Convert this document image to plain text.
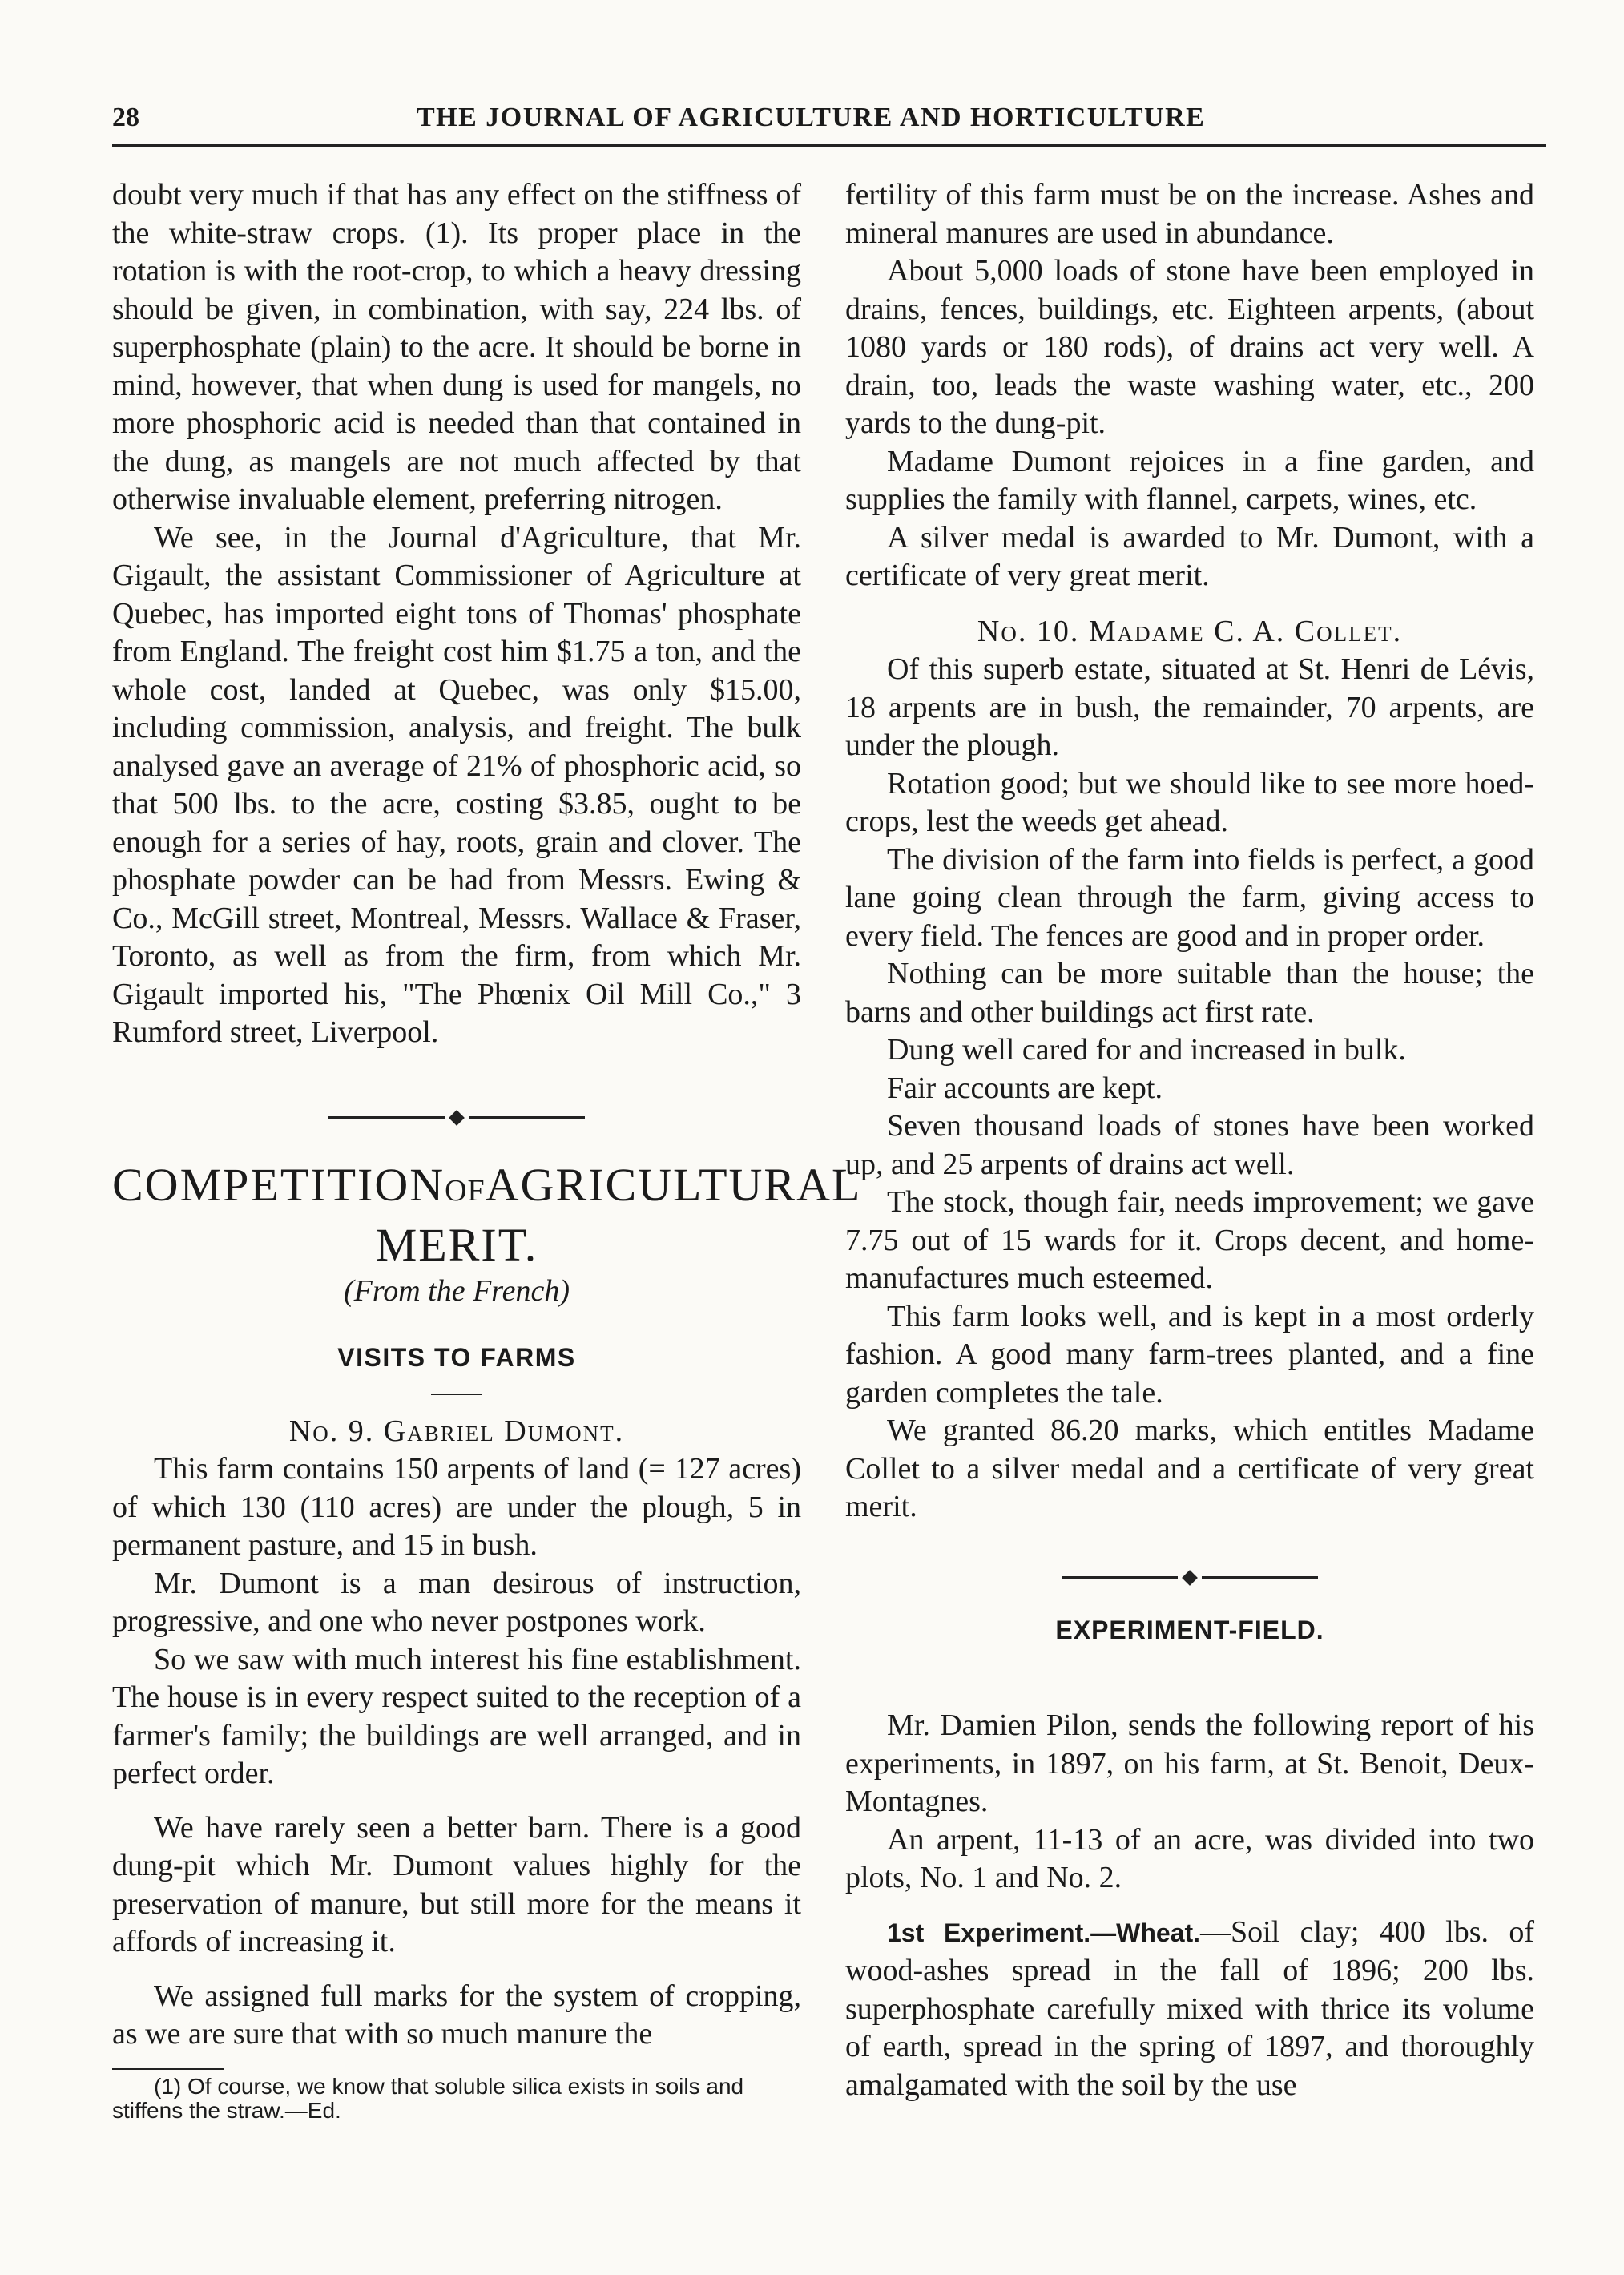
28	THE JOURNAL OF AGRICULTURE AND HORTICULTURE

doubt very much if that has any effect on the stiffness of the white-straw crops. (1). Its proper place in the rotation is with the root-crop, to which a heavy dressing should be given, in combination, with say, 224 lbs. of superphosphate (plain) to the acre. It should be borne in mind, however, that when dung is used for mangels, no more phosphoric acid is needed than that contained in the dung, as mangels are not much affected by that otherwise invaluable element, preferring nitrogen.

We see, in the Journal d'Agriculture, that Mr. Gigault, the assistant Commissioner of Agriculture at Quebec, has imported eight tons of Thomas' phosphate from England. The freight cost him $1.75 a ton, and the whole cost, landed at Quebec, was only $15.00, including commission, analysis, and freight. The bulk analysed gave an average of 21% of phosphoric acid, so that 500 lbs. to the acre, costing $3.85, ought to be enough for a series of hay, roots, grain and clover. The phosphate powder can be had from Messrs. Ewing & Co., McGill street, Montreal, Messrs. Wallace & Fraser, Toronto, as well as from the firm, from which Mr. Gigault imported his, "The Phœnix Oil Mill Co.," 3 Rumford street, Liverpool.

COMPETITIONOFAGRICULTURAL MERIT.

(From the French)

VISITS TO FARMS

No. 9. Gabriel Dumont.

This farm contains 150 arpents of land (= 127 acres) of which 130 (110 acres) are under the plough, 5 in permanent pasture, and 15 in bush.

Mr. Dumont is a man desirous of instruction, progressive, and one who never postpones work.

So we saw with much interest his fine establishment. The house is in every respect suited to the reception of a farmer's family; the buildings are well arranged, and in perfect order.

We have rarely seen a better barn. There is a good dung-pit which Mr. Dumont values highly for the preservation of manure, but still more for the means it affords of increasing it.

We assigned full marks for the system of cropping, as we are sure that with so much manure the

(1) Of course, we know that soluble silica exists in soils and stiffens the straw.—Ed.

fertility of this farm must be on the increase. Ashes and mineral manures are used in abundance.

About 5,000 loads of stone have been employed in drains, fences, buildings, etc. Eighteen arpents, (about 1080 yards or 180 rods), of drains act very well. A drain, too, leads the waste washing water, etc., 200 yards to the dung-pit.

Madame Dumont rejoices in a fine garden, and supplies the family with flannel, carpets, wines, etc.

A silver medal is awarded to Mr. Dumont, with a certificate of very great merit.

No. 10. Madame C. A. Collet.

Of this superb estate, situated at St. Henri de Lévis, 18 arpents are in bush, the remainder, 70 arpents, are under the plough.

Rotation good; but we should like to see more hoed-crops, lest the weeds get ahead.

The division of the farm into fields is perfect, a good lane going clean through the farm, giving access to every field. The fences are good and in proper order.

Nothing can be more suitable than the house; the barns and other buildings act first rate.

Dung well cared for and increased in bulk.

Fair accounts are kept.

Seven thousand loads of stones have been worked up, and 25 arpents of drains act well.

The stock, though fair, needs improvement; we gave 7.75 out of 15 wards for it. Crops decent, and home-manufactures much esteemed.

This farm looks well, and is kept in a most orderly fashion. A good many farm-trees planted, and a fine garden completes the tale.

We granted 86.20 marks, which entitles Madame Collet to a silver medal and a certificate of very great merit.

EXPERIMENT-FIELD.

Mr. Damien Pilon, sends the following report of his experiments, in 1897, on his farm, at St. Benoit, Deux-Montagnes.

An arpent, 11-13 of an acre, was divided into two plots, No. 1 and No. 2.

1st Experiment.—Wheat.—Soil clay; 400 lbs. of wood-ashes spread in the fall of 1896; 200 lbs. superphosphate carefully mixed with thrice its volume of earth, spread in the spring of 1897, and thoroughly amalgamated with the soil by the use
